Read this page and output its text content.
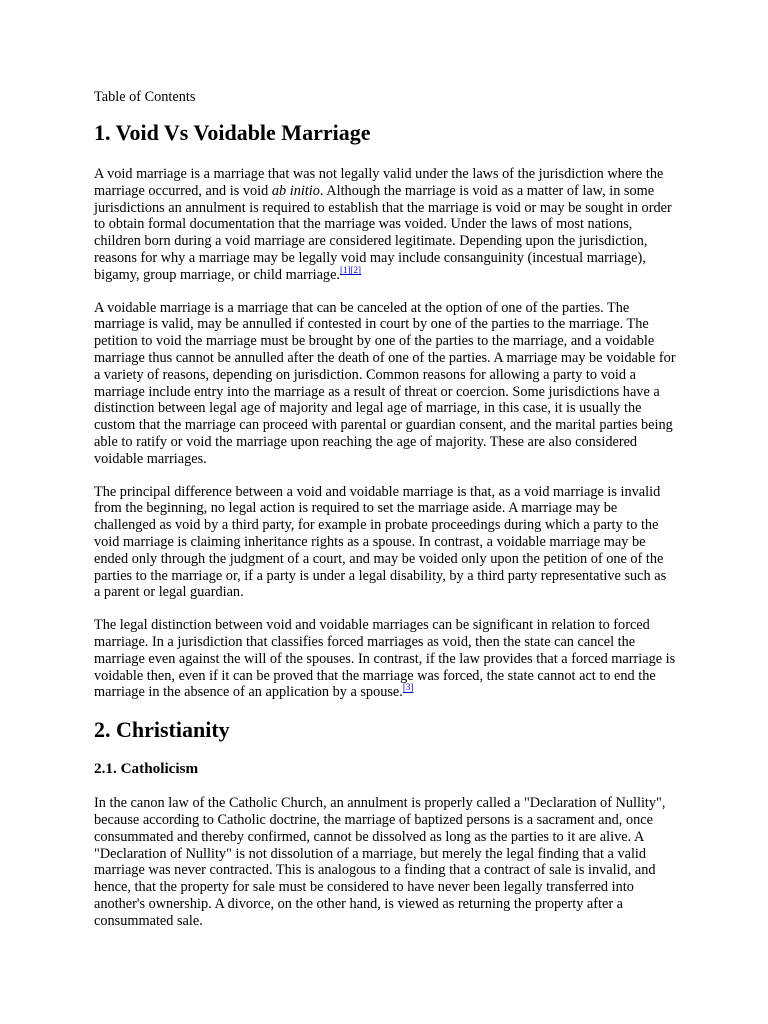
Table of Contents
1. Void Vs Voidable Marriage

A void marriage is a marriage that was not legally valid under the laws of the jurisdiction where the marriage occurred, and is void ab initio. Although the marriage is void as a matter of law, in some jurisdictions an annulment is required to establish that the marriage is void or may be sought in order to obtain formal documentation that the marriage was voided. Under the laws of most nations, children born during a void marriage are considered legitimate. Depending upon the jurisdiction, reasons for why a marriage may be legally void may include consanguinity (incestual marriage), bigamy, group marriage, or child marriage.[1][2]

A voidable marriage is a marriage that can be canceled at the option of one of the parties. The marriage is valid, may be annulled if contested in court by one of the parties to the marriage. The petition to void the marriage must be brought by one of the parties to the marriage, and a voidable marriage thus cannot be annulled after the death of one of the parties. A marriage may be voidable for a variety of reasons, depending on jurisdiction. Common reasons for allowing a party to void a marriage include entry into the marriage as a result of threat or coercion. Some jurisdictions have a distinction between legal age of majority and legal age of marriage, in this case, it is usually the custom that the marriage can proceed with parental or guardian consent, and the marital parties being able to ratify or void the marriage upon reaching the age of majority. These are also considered voidable marriages.

The principal difference between a void and voidable marriage is that, as a void marriage is invalid from the beginning, no legal action is required to set the marriage aside. A marriage may be challenged as void by a third party, for example in probate proceedings during which a party to the void marriage is claiming inheritance rights as a spouse. In contrast, a voidable marriage may be ended only through the judgment of a court, and may be voided only upon the petition of one of the parties to the marriage or, if a party is under a legal disability, by a third party representative such as a parent or legal guardian.

The legal distinction between void and voidable marriages can be significant in relation to forced marriage. In a jurisdiction that classifies forced marriages as void, then the state can cancel the marriage even against the will of the spouses. In contrast, if the law provides that a forced marriage is voidable then, even if it can be proved that the marriage was forced, the state cannot act to end the marriage in the absence of an application by a spouse.[3]

2. Christianity
2.1. Catholicism

In the canon law of the Catholic Church, an annulment is properly called a "Declaration of Nullity", because according to Catholic doctrine, the marriage of baptized persons is a sacrament and, once consummated and thereby confirmed, cannot be dissolved as long as the parties to it are alive. A "Declaration of Nullity" is not dissolution of a marriage, but merely the legal finding that a valid marriage was never contracted. This is analogous to a finding that a contract of sale is invalid, and hence, that the property for sale must be considered to have never been legally transferred into another's ownership. A divorce, on the other hand, is viewed as returning the property after a consummated sale.
